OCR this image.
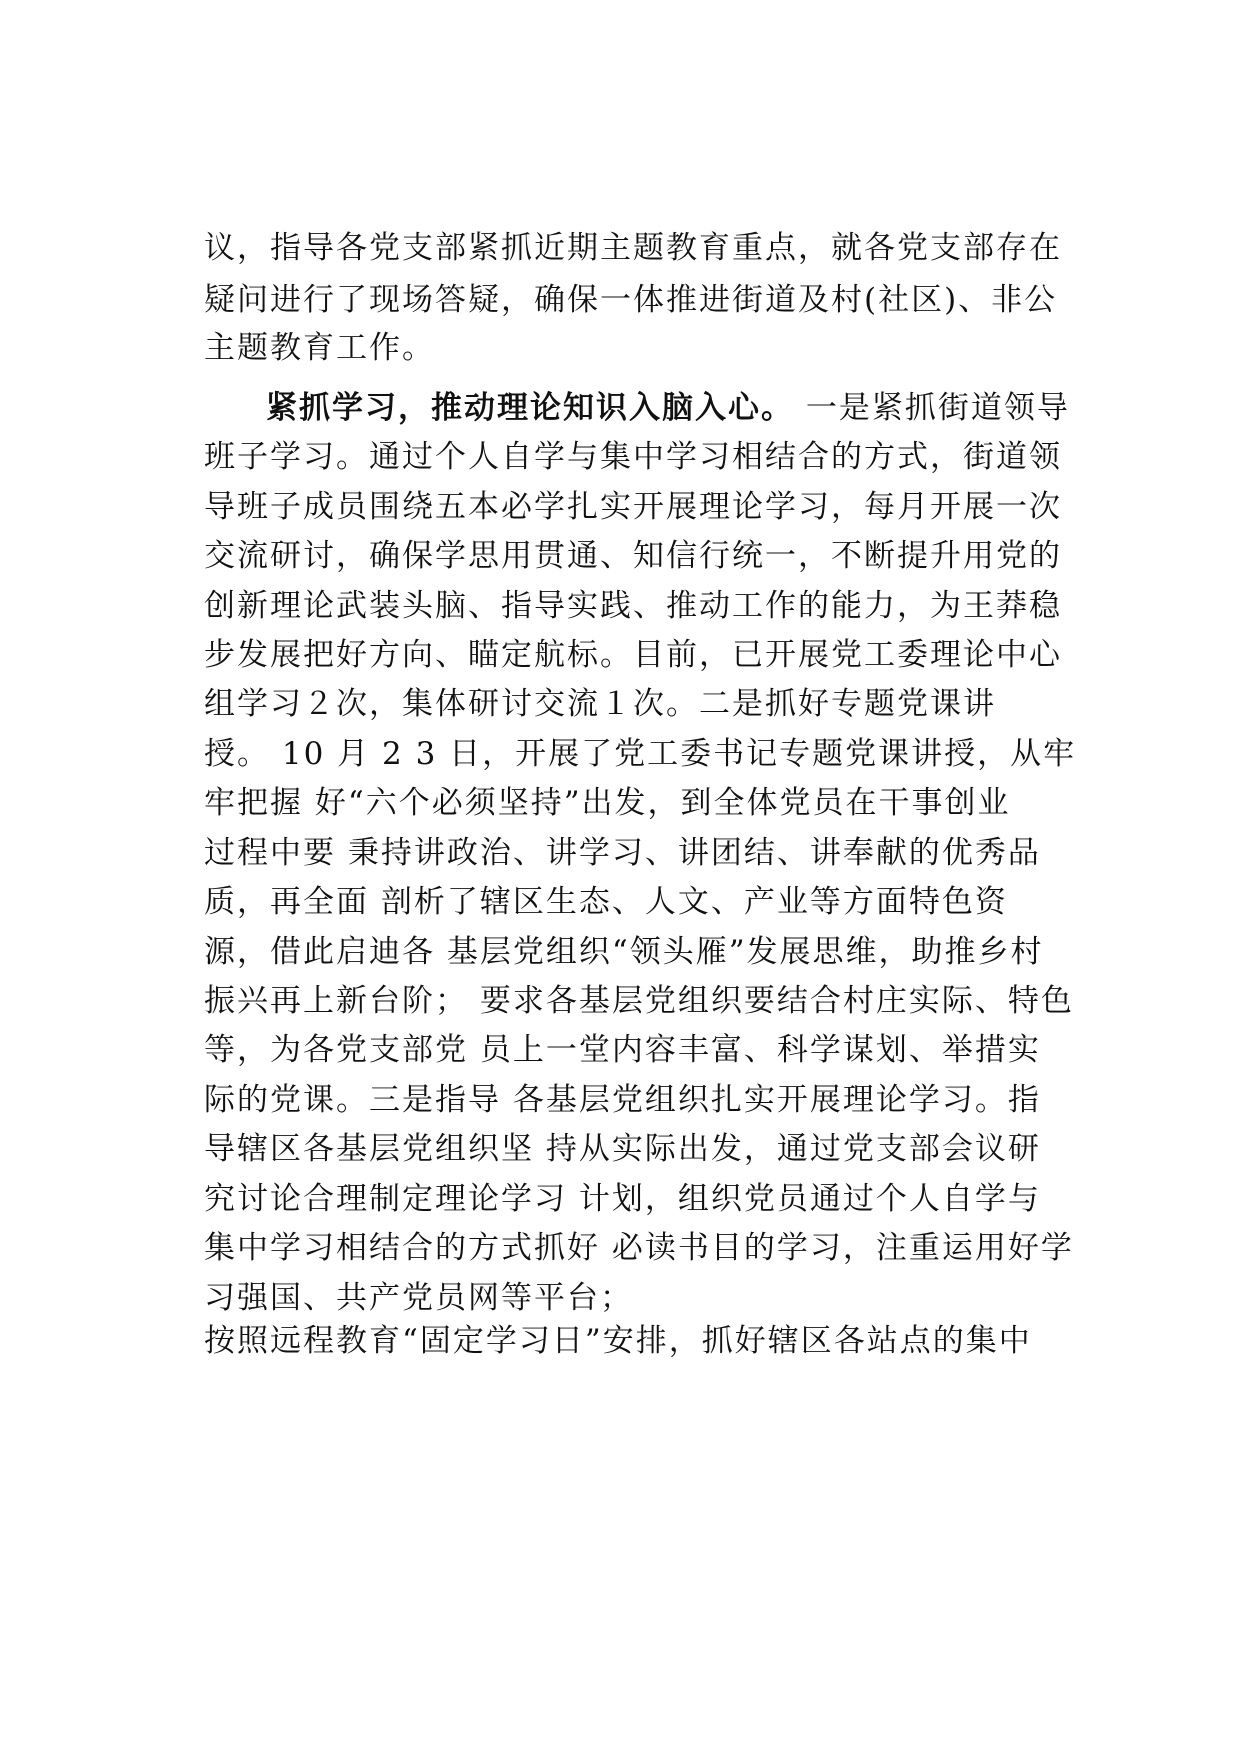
议，指导各党支部紧抓近期主题教育重点，就各党支部存在
疑问进行了现场答疑，确保一体推进街道及村(社区)、非公
主题教育工作。
紧抓学习，推动理论知识入脑入心。 一是紧抓街道领导
班子学习。通过个人自学与集中学习相结合的方式，街道领
导班子成员围绕五本必学扎实开展理论学习，每月开展一次
交流研讨，确保学思用贯通、知信行统一，不断提升用党的
创新理论武装头脑、指导实践、推动工作的能力，为王莽稳
步发展把好方向、瞄定航标。目前，已开展党工委理论中心
组学习２次，集体研讨交流１次。二是抓好专题党课讲
授。 10 月 2 3 日，开展了党工委书记专题党课讲授，从牢
牢把握 好“六个必须坚持”出发，到全体党员在干事创业
过程中要 秉持讲政治、讲学习、讲团结、讲奉献的优秀品
质，再全面 剖析了辖区生态、人文、产业等方面特色资
源，借此启迪各 基层党组织“领头雁”发展思维，助推乡村
振兴再上新台阶； 要求各基层党组织要结合村庄实际、特色
等，为各党支部党 员上一堂内容丰富、科学谋划、举措实
际的党课。三是指导 各基层党组织扎实开展理论学习。指
导辖区各基层党组织坚 持从实际出发，通过党支部会议研
究讨论合理制定理论学习 计划，组织党员通过个人自学与
集中学习相结合的方式抓好 必读书目的学习，注重运用好学
习强国、共产党员网等平台；
按照远程教育“固定学习日”安排，抓好辖区各站点的集中
